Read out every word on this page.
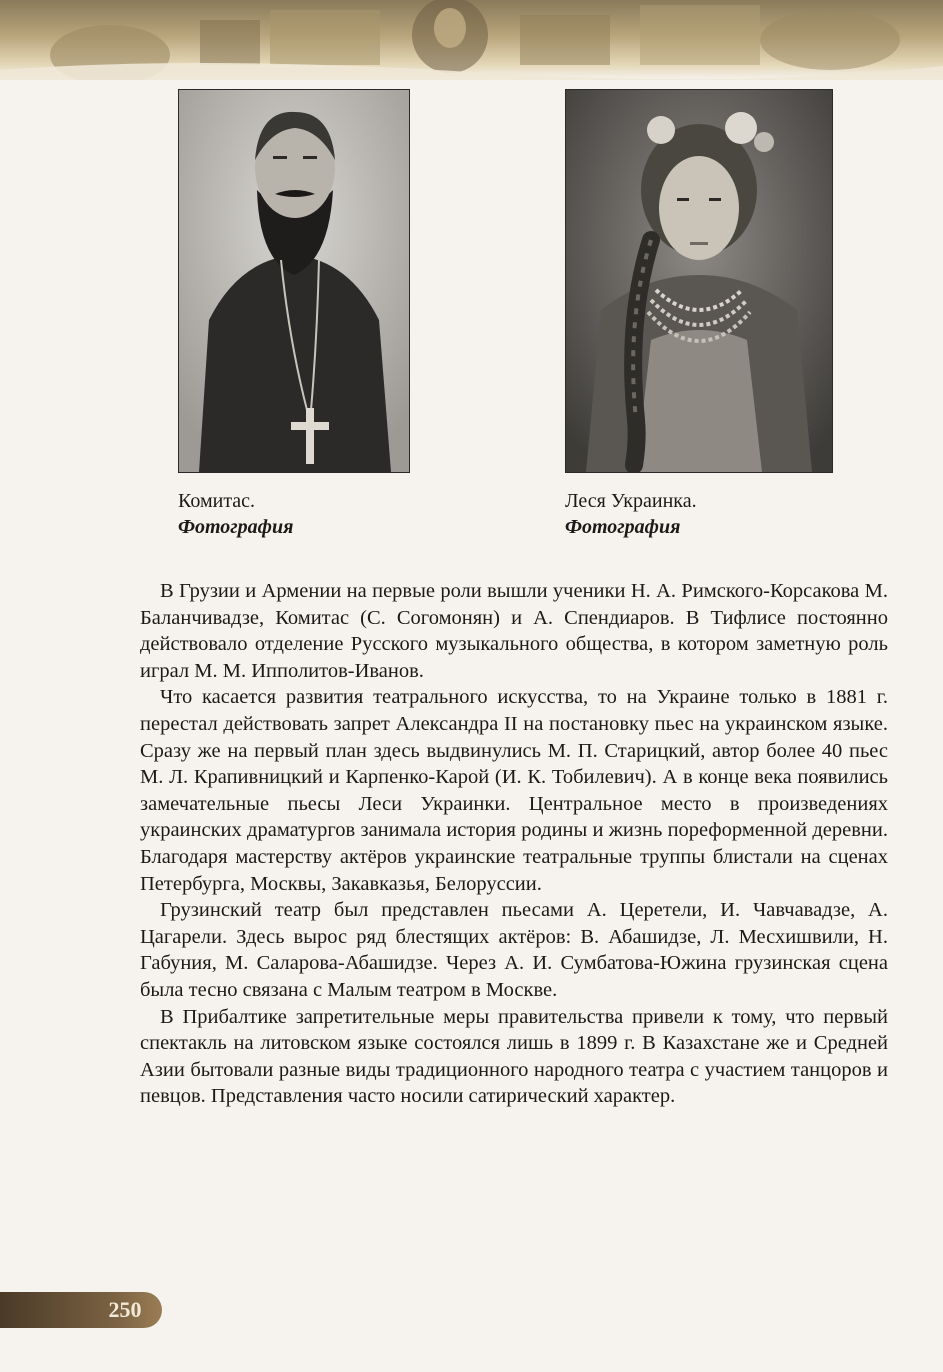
Комитас.
Фотография
Леся Украинка.
Фотография

В Грузии и Армении на первые роли вышли ученики Н. А. Римского-Корсакова М. Баланчивадзе, Комитас (С. Согомонян) и А. Спендиаров. В Тифлисе постоянно действовало отделение Русского музыкального общества, в котором заметную роль играл М. М. Ипполитов-Иванов.

Что касается развития театрального искусства, то на Украине только в 1881 г. перестал действовать запрет Александра II на постановку пьес на украинском языке. Сразу же на первый план здесь выдвинулись М. П. Старицкий, автор более 40 пьес М. Л. Крапивницкий и Карпенко-Карой (И. К. Тобилевич). А в конце века появились замечательные пьесы Леси Украинки. Центральное место в произведениях украинских драматургов занимала история родины и жизнь пореформенной деревни. Благодаря мастерству актёров украинские театральные труппы блистали на сценах Петербурга, Москвы, Закавказья, Белоруссии.

Грузинский театр был представлен пьесами А. Церетели, И. Чавчавадзе, А. Цагарели. Здесь вырос ряд блестящих актёров: В. Абашидзе, Л. Месхишвили, Н. Габуния, М. Саларова-Абашидзе. Через А. И. Сумбатова-Южина грузинская сцена была тесно связана с Малым театром в Москве.

В Прибалтике запретительные меры правительства привели к тому, что первый спектакль на литовском языке состоялся лишь в 1899 г. В Казахстане же и Средней Азии бытовали разные виды традиционного народного театра с участием танцоров и певцов. Представления часто носили сатирический характер.

250
